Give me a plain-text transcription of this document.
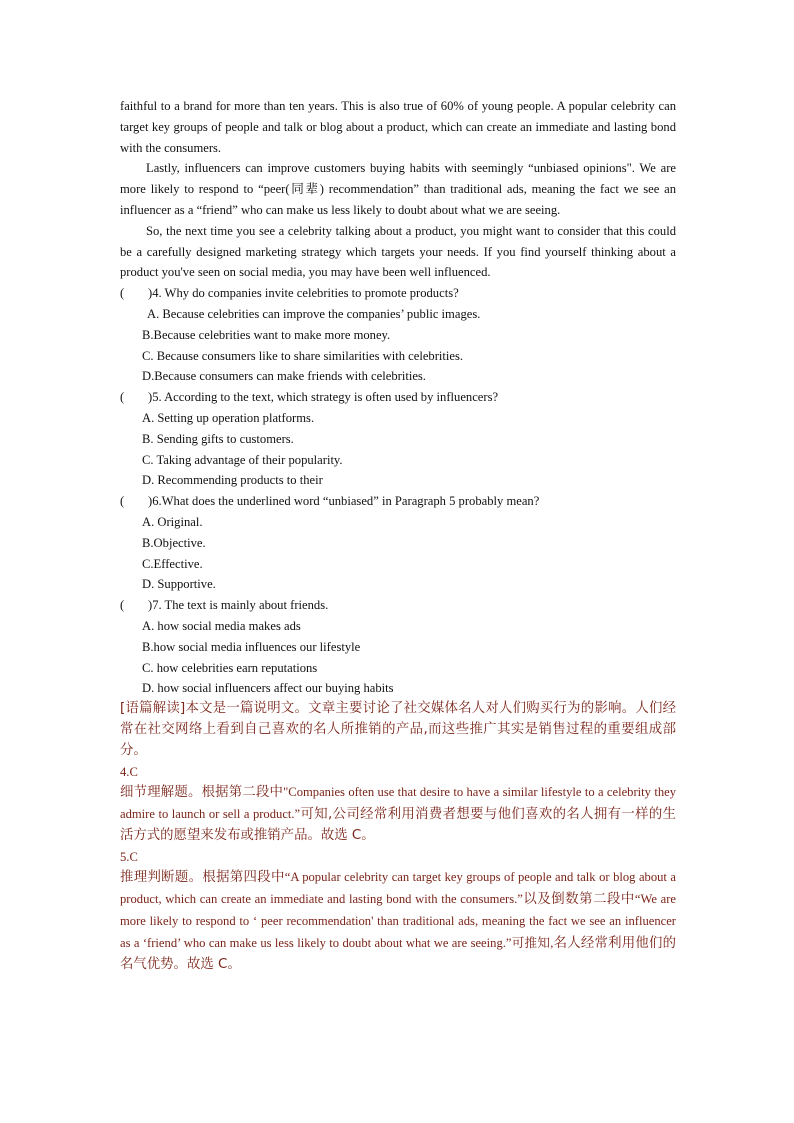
faithful to a brand for more than ten years. This is also true of 60% of young people. A popular celebrity can target key groups of people and talk or blog about a product, which can create an immediate and lasting bond with the consumers.

Lastly, influencers can improve customers buying habits with seemingly “unbiased opinions". We are more likely to respond to “peer(同辈) recommendation” than traditional ads, meaning the fact we see an influencer as a “friend” who can make us less likely to doubt about what we are seeing.

So, the next time you see a celebrity talking about a product, you might want to consider that this could be a carefully designed marketing strategy which targets your needs. If you find yourself thinking about a product you've seen on social media, you may have been well influenced.

( )4. Why do companies invite celebrities to promote products?

A. Because celebrities can improve the companies’ public images.

B.Because celebrities want to make more money.

C. Because consumers like to share similarities with celebrities.

D.Because consumers can make friends with celebrities.

( )5. According to the text, which strategy is often used by influencers?

A. Setting up operation platforms.

B. Sending gifts to customers.

C. Taking advantage of their popularity.

D. Recommending products to their

( )6.What does the underlined word “unbiased” in Paragraph 5 probably mean?

A. Original.

B.Objective.

C.Effective.

D. Supportive.

( )7. The text is mainly about friends.

A. how social media makes ads

B.how social media influences our lifestyle

C. how celebrities earn reputations

D. how social influencers affect our buying habits

[语篇解读]本文是一篇说明文。文章主要讨论了社交媒体名人对人们购买行为的影响。人们经常在社交网络上看到自己喜欢的名人所推销的产品,而这些推广其实是销售过程的重要组成部分。

4.C

细节理解题。根据第二段中"Companies often use that desire to have a similar lifestyle to a celebrity they admire to launch or sell a product.”可知,公司经常利用消费者想要与他们喜欢的名人拥有一样的生活方式的愿望来发布或推销产品。故选 C。

5.C

推理判断题。根据第四段中“A popular celebrity can target key groups of people and talk or blog about a product, which can create an immediate and lasting bond with the consumers.”以及倒数第二段中“We are more likely to respond to ‘ peer recommendation' than traditional ads, meaning the fact we see an influencer as a ‘friend’ who can make us less likely to doubt about what we are seeing.”可推知,名人经常利用他们的名气优势。故选 C。
